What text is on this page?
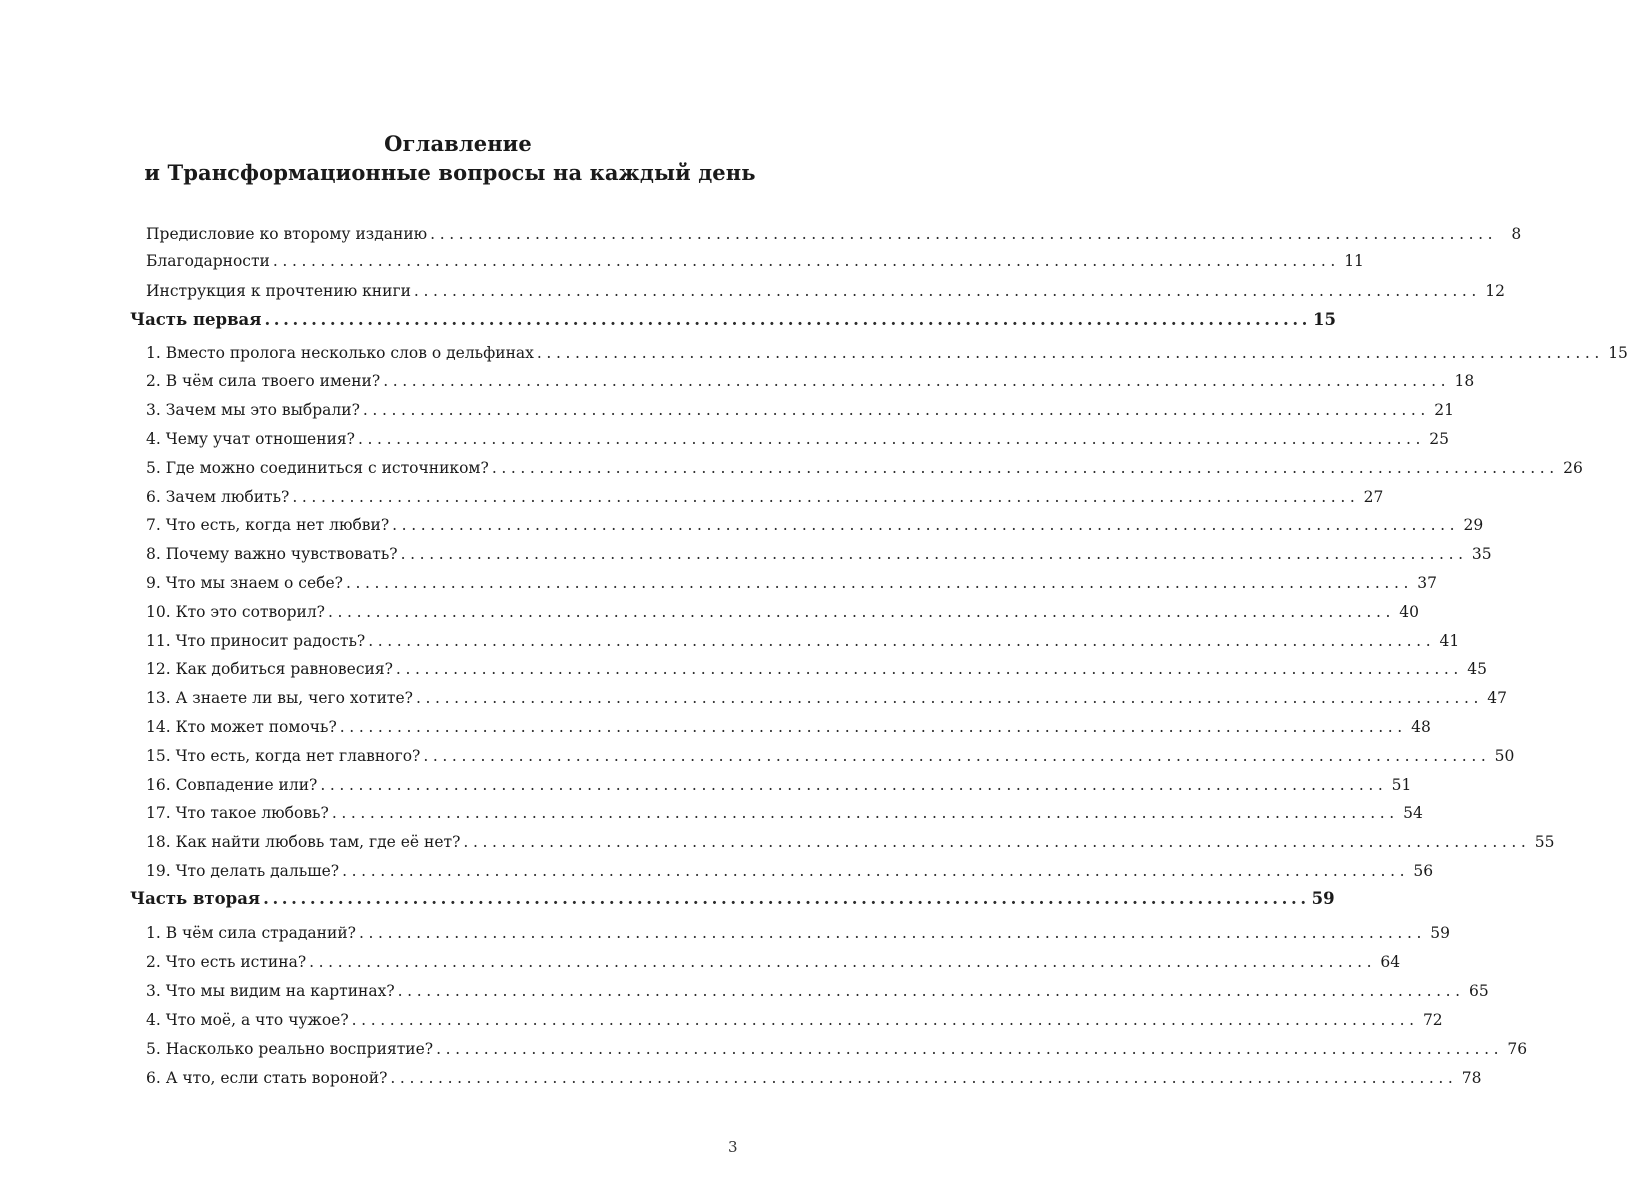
Оглавление
и Трансформационные вопросы на каждый день
Предисловие ко второму изданию ................................................................................................................ 8
Благодарности ................................................................................................................ 11
Инструкция к прочтению книги ................................................................................................................ 12
Часть первая ................................................................................................................ 15
1. Вместо пролога несколько слов о дельфинах ................................................................................................................ 15
2. В чём сила твоего имени? ................................................................................................................ 18
3. Зачем мы это выбрали? ................................................................................................................ 21
4. Чему учат отношения? ................................................................................................................ 25
5. Где можно соединиться с источником? ................................................................................................................ 26
6. Зачем любить? ................................................................................................................ 27
7. Что есть, когда нет любви? ................................................................................................................ 29
8. Почему важно чувствовать? ................................................................................................................ 35
9. Что мы знаем о себе? ................................................................................................................ 37
10. Кто это сотворил? ................................................................................................................ 40
11. Что приносит радость? ................................................................................................................ 41
12. Как добиться равновесия? ................................................................................................................ 45
13. А знаете ли вы, чего хотите? ................................................................................................................ 47
14. Кто может помочь? ................................................................................................................ 48
15. Что есть, когда нет главного? ................................................................................................................ 50
16. Совпадение или? ................................................................................................................ 51
17. Что такое любовь? ................................................................................................................ 54
18. Как найти любовь там, где её нет? ................................................................................................................ 55
19. Что делать дальше? ................................................................................................................ 56
Часть вторая ................................................................................................................ 59
1. В чём сила страданий? ................................................................................................................ 59
2. Что есть истина? ................................................................................................................ 64
3. Что мы видим на картинах? ................................................................................................................ 65
4. Что моё, а что чужое? ................................................................................................................ 72
5. Насколько реально восприятие? ................................................................................................................ 76
6. А что, если стать вороной? ................................................................................................................ 78
3
